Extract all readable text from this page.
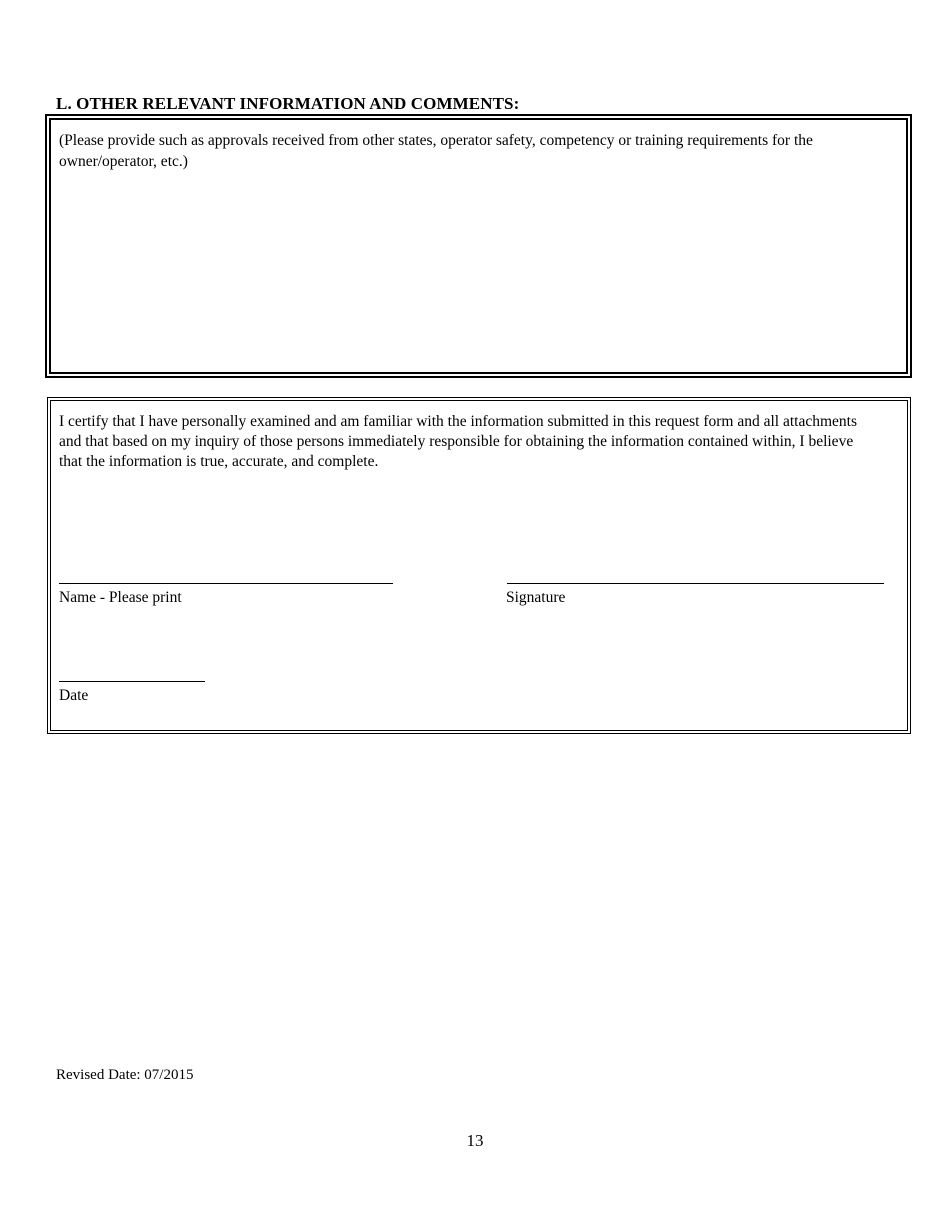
L. OTHER RELEVANT INFORMATION AND COMMENTS:
(Please provide such as approvals received from other states, operator safety, competency or training requirements for the owner/operator, etc.)
I certify that I have personally examined and am familiar with the information submitted in this request form and all attachments and that based on my inquiry of those persons immediately responsible for obtaining the information contained within, I believe that the information is true, accurate, and complete.
Name - Please print	Signature
Date
Revised Date: 07/2015
13
